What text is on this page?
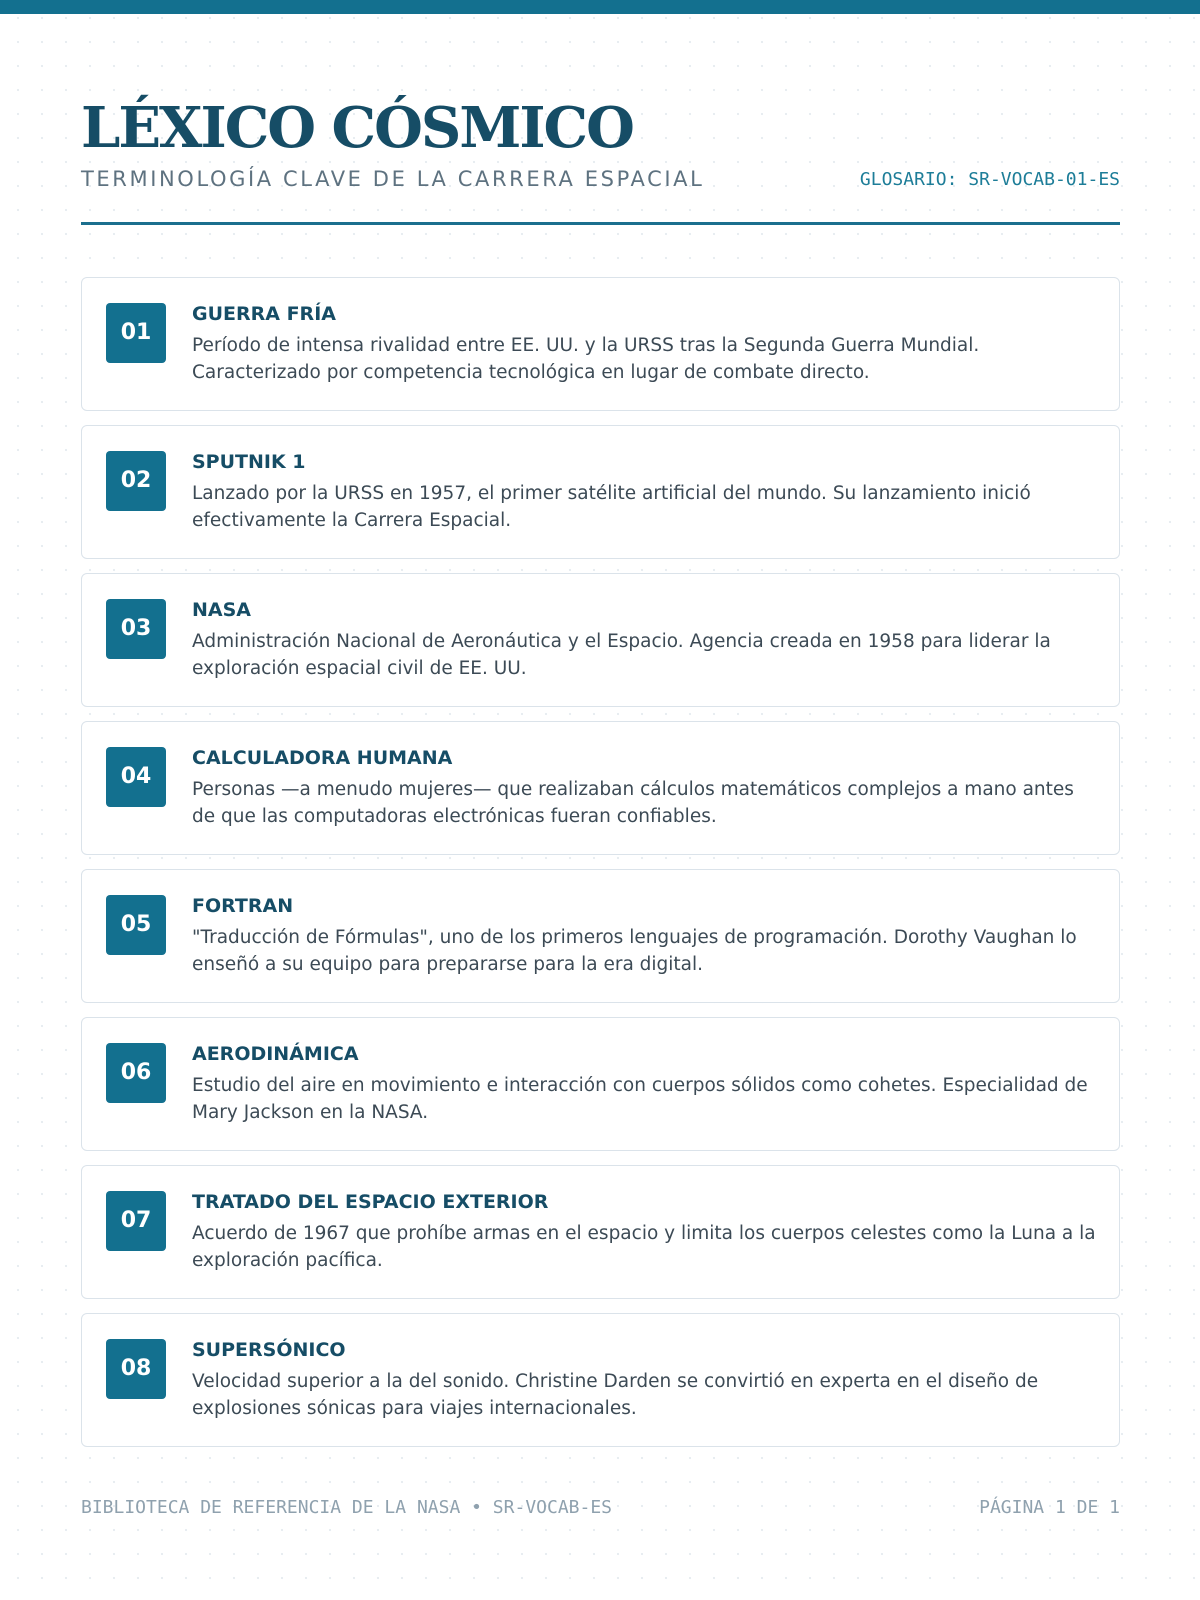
LÉXICO CÓSMICO
TERMINOLOGÍA CLAVE DE LA CARRERA ESPACIAL	GLOSARIO: SR-VOCAB-01-ES
01
GUERRA FRÍA
Período de intensa rivalidad entre EE. UU. y la URSS tras la Segunda Guerra Mundial. Caracterizado por competencia tecnológica en lugar de combate directo.
02
SPUTNIK 1
Lanzado por la URSS en 1957, el primer satélite artificial del mundo. Su lanzamiento inició efectivamente la Carrera Espacial.
03
NASA
Administración Nacional de Aeronáutica y el Espacio. Agencia creada en 1958 para liderar la exploración espacial civil de EE. UU.
04
CALCULADORA HUMANA
Personas —a menudo mujeres— que realizaban cálculos matemáticos complejos a mano antes de que las computadoras electrónicas fueran confiables.
05
FORTRAN
"Traducción de Fórmulas", uno de los primeros lenguajes de programación. Dorothy Vaughan lo enseñó a su equipo para prepararse para la era digital.
06
AERODINÁMICA
Estudio del aire en movimiento e interacción con cuerpos sólidos como cohetes. Especialidad de Mary Jackson en la NASA.
07
TRATADO DEL ESPACIO EXTERIOR
Acuerdo de 1967 que prohíbe armas en el espacio y limita los cuerpos celestes como la Luna a la exploración pacífica.
08
SUPERSÓNICO
Velocidad superior a la del sonido. Christine Darden se convirtió en experta en el diseño de explosiones sónicas para viajes internacionales.
BIBLIOTECA DE REFERENCIA DE LA NASA • SR-VOCAB-ES	PÁGINA 1 DE 1
